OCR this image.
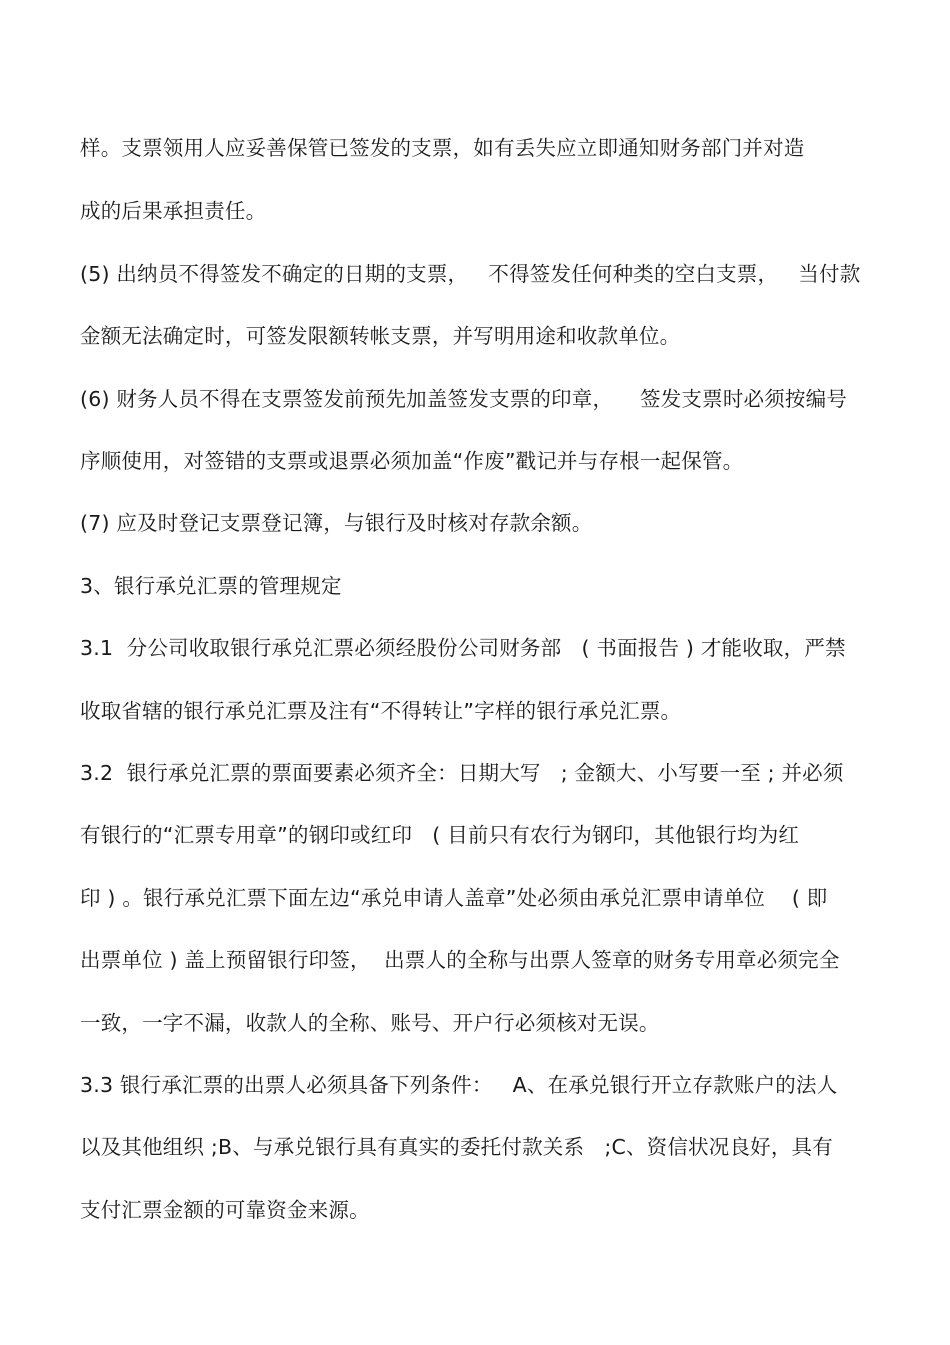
样。支票领用人应妥善保管已签发的支票，如有丢失应立即通知财务部门并对造
成的后果承担责任。
(5) 出纳员不得签发不确定的日期的支票，   不得签发任何种类的空白支票，   当付款
金额无法确定时，可签发限额转帐支票，并写明用途和收款单位。
(6) 财务人员不得在支票签发前预先加盖签发支票的印章，    签发支票时必须按编号
序顺使用，对签错的支票或退票必须加盖“作废”戳记并与存根一起保管。
(7) 应及时登记支票登记簿，与银行及时核对存款余额。
3、银行承兑汇票的管理规定
3.1  分公司收取银行承兑汇票必须经股份公司财务部   ( 书面报告 ) 才能收取，严禁
收取省辖的银行承兑汇票及注有“不得转让”字样的银行承兑汇票。
3.2  银行承兑汇票的票面要素必须齐全：日期大写   ; 金额大、小写要一至 ; 并必须
有银行的“汇票专用章”的钢印或红印   ( 目前只有农行为钢印，其他银行均为红
印 ) 。银行承兑汇票下面左边“承兑申请人盖章”处必须由承兑汇票申请单位    ( 即
出票单位 ) 盖上预留银行印签，  出票人的全称与出票人签章的财务专用章必须完全
一致，一字不漏，收款人的全称、账号、开户行必须核对无误。
3.3 银行承汇票的出票人必须具备下列条件：   A、在承兑银行开立存款账户的法人
以及其他组织 ;B、与承兑银行具有真实的委托付款关系   ;C、资信状况良好，具有
支付汇票金额的可靠资金来源。
